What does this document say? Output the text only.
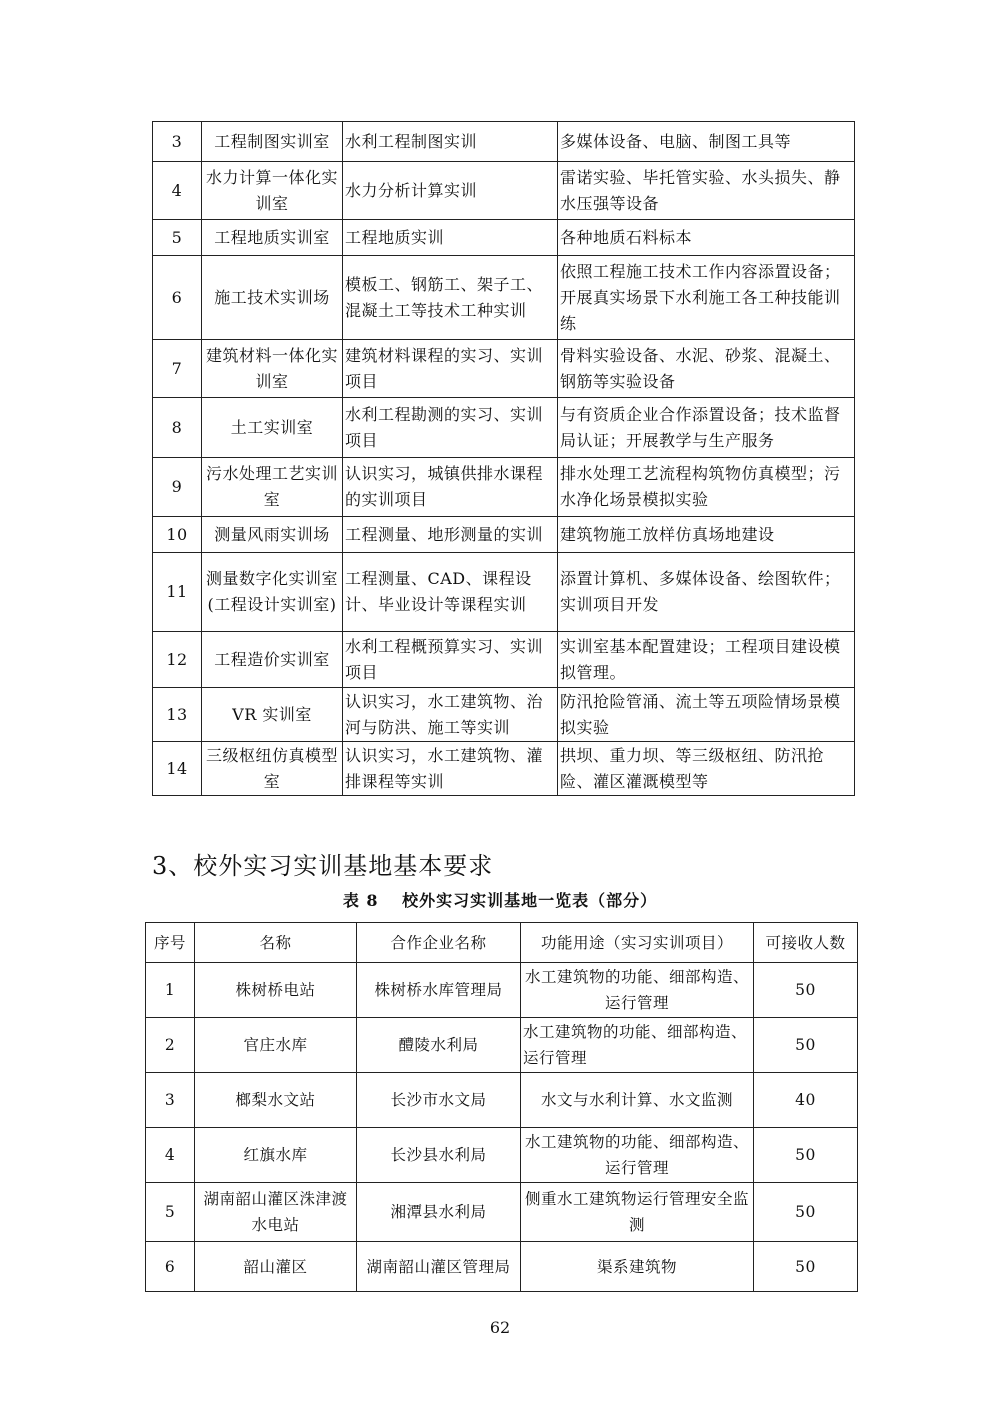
3	工程制图实训室	水利工程制图实训	多媒体设备、电脑、制图工具等
4	水力计算一体化实训室	水力分析计算实训	雷诺实验、毕托管实验、水头损失、静水压强等设备
5	工程地质实训室	工程地质实训	各种地质石料标本
6	施工技术实训场	模板工、钢筋工、架子工、混凝土工等技术工种实训	依照工程施工技术工作内容添置设备；开展真实场景下水利施工各工种技能训练
7	建筑材料一体化实训室	建筑材料课程的实习、实训项目	骨料实验设备、水泥、砂浆、混凝土、钢筋等实验设备
8	土工实训室	水利工程勘测的实习、实训项目	与有资质企业合作添置设备；技术监督局认证；开展教学与生产服务
9	污水处理工艺实训室	认识实习，城镇供排水课程的实训项目	排水处理工艺流程构筑物仿真模型；污水净化场景模拟实验
10	测量风雨实训场	工程测量、地形测量的实训	建筑物施工放样仿真场地建设
11	测量数字化实训室(工程设计实训室)	工程测量、CAD、课程设计、毕业设计等课程实训	添置计算机、多媒体设备、绘图软件；实训项目开发
12	工程造价实训室	水利工程概预算实习、实训项目	实训室基本配置建设；工程项目建设模拟管理。
13	VR 实训室	认识实习，水工建筑物、治河与防洪、施工等实训	防汛抢险管涌、流土等五项险情场景模拟实验
14	三级枢纽仿真模型室	认识实习，水工建筑物、灌排课程等实训	拱坝、重力坝、等三级枢纽、防汛抢险、灌区灌溉模型等
3、校外实习实训基地基本要求
表 8　 校外实习实训基地一览表（部分）
序号	名称	合作企业名称	功能用途（实习实训项目）	可接收人数
1	株树桥电站	株树桥水库管理局	水工建筑物的功能、细部构造、运行管理	50
2	官庄水库	醴陵水利局	水工建筑物的功能、细部构造、运行管理	50
3	榔梨水文站	长沙市水文局	水文与水利计算、水文监测	40
4	红旗水库	长沙县水利局	水工建筑物的功能、细部构造、运行管理	50
5	湖南韶山灌区洙津渡水电站	湘潭县水利局	侧重水工建筑物运行管理安全监测	50
6	韶山灌区	湖南韶山灌区管理局	渠系建筑物	50
62
